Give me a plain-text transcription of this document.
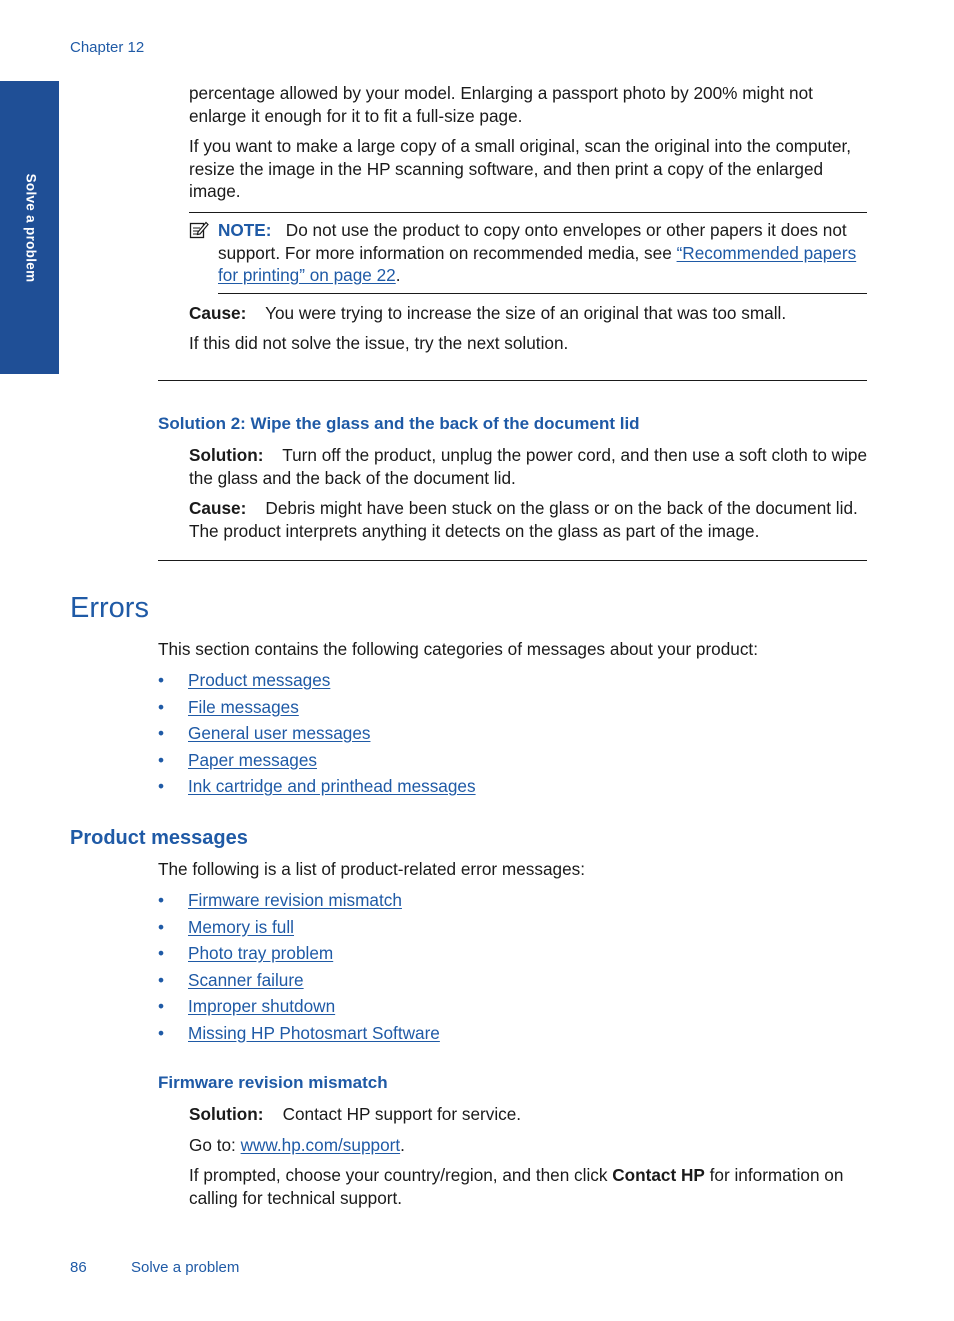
Chapter 12
Solve a problem

percentage allowed by your model. Enlarging a passport photo by 200% might not enlarge it enough for it to fit a full-size page.

If you want to make a large copy of a small original, scan the original into the computer, resize the image in the HP scanning software, and then print a copy of the enlarged image.

NOTE: Do not use the product to copy onto envelopes or other papers it does not support. For more information on recommended media, see “Recommended papers for printing” on page 22.

Cause: You were trying to increase the size of an original that was too small.

If this did not solve the issue, try the next solution.

Solution 2: Wipe the glass and the back of the document lid

Solution: Turn off the product, unplug the power cord, and then use a soft cloth to wipe the glass and the back of the document lid.

Cause: Debris might have been stuck on the glass or on the back of the document lid. The product interprets anything it detects on the glass as part of the image.

Errors

This section contains the following categories of messages about your product:

• Product messages
• File messages
• General user messages
• Paper messages
• Ink cartridge and printhead messages
Product messages

The following is a list of product-related error messages:

• Firmware revision mismatch
• Memory is full
• Photo tray problem
• Scanner failure
• Improper shutdown
• Missing HP Photosmart Software
Firmware revision mismatch

Solution: Contact HP support for service.

Go to: www.hp.com/support.

If prompted, choose your country/region, and then click Contact HP for information on calling for technical support.

86	Solve a problem
